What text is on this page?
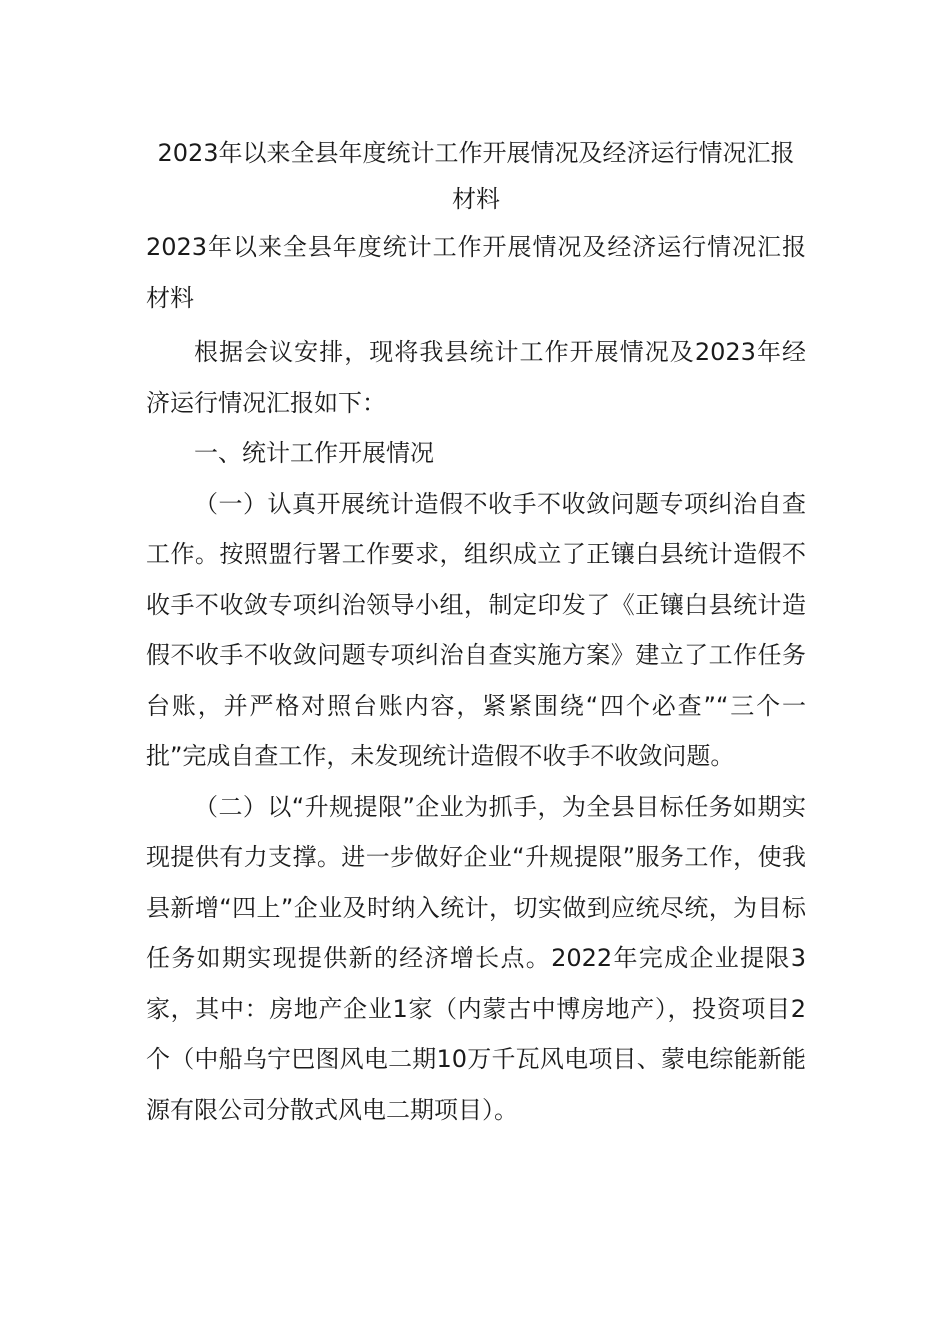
2023年以来全县年度统计工作开展情况及经济运行情况汇报材料

2023年以来全县年度统计工作开展情况及经济运行情况汇报材料

根据会议安排，现将我县统计工作开展情况及2023年经济运行情况汇报如下：

一、统计工作开展情况

（一）认真开展统计造假不收手不收敛问题专项纠治自查工作。按照盟行署工作要求，组织成立了正镶白县统计造假不收手不收敛专项纠治领导小组，制定印发了《正镶白县统计造假不收手不收敛问题专项纠治自查实施方案》建立了工作任务台账，并严格对照台账内容，紧紧围绕“四个必查”“三个一批”完成自查工作，未发现统计造假不收手不收敛问题。

（二）以“升规提限”企业为抓手，为全县目标任务如期实现提供有力支撑。进一步做好企业“升规提限”服务工作，使我县新增“四上”企业及时纳入统计，切实做到应统尽统，为目标任务如期实现提供新的经济增长点。2022年完成企业提限3家，其中：房地产企业1家（内蒙古中博房地产），投资项目2个（中船乌宁巴图风电二期10万千瓦风电项目、蒙电综能新能源有限公司分散式风电二期项目）。
